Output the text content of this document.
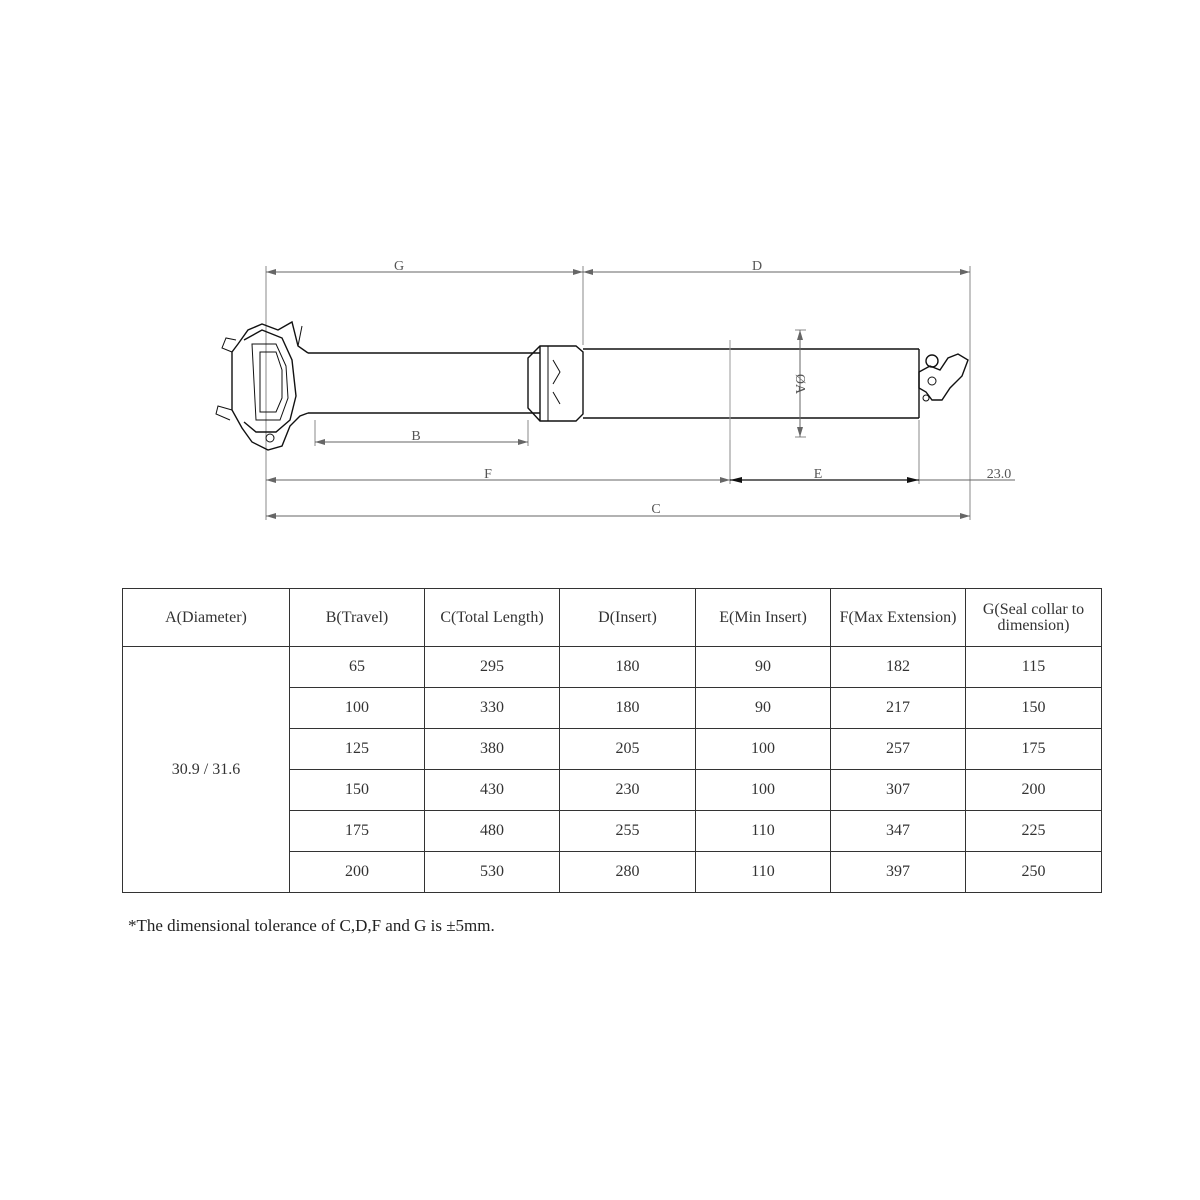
G	D
ØA
B
F	E	23.0
C
A(Diameter)	B(Travel)	C(Total Length)	D(Insert)	E(Min Insert)	F(Max Extension)	G(Seal collar to dimension)
30.9 / 31.6	65	295	180	90	182	115
	100	330	180	90	217	150
	125	380	205	100	257	175
	150	430	230	100	307	200
	175	480	255	110	347	225
	200	530	280	110	397	250
*The dimensional tolerance of C,D,F and G is ±5mm.
